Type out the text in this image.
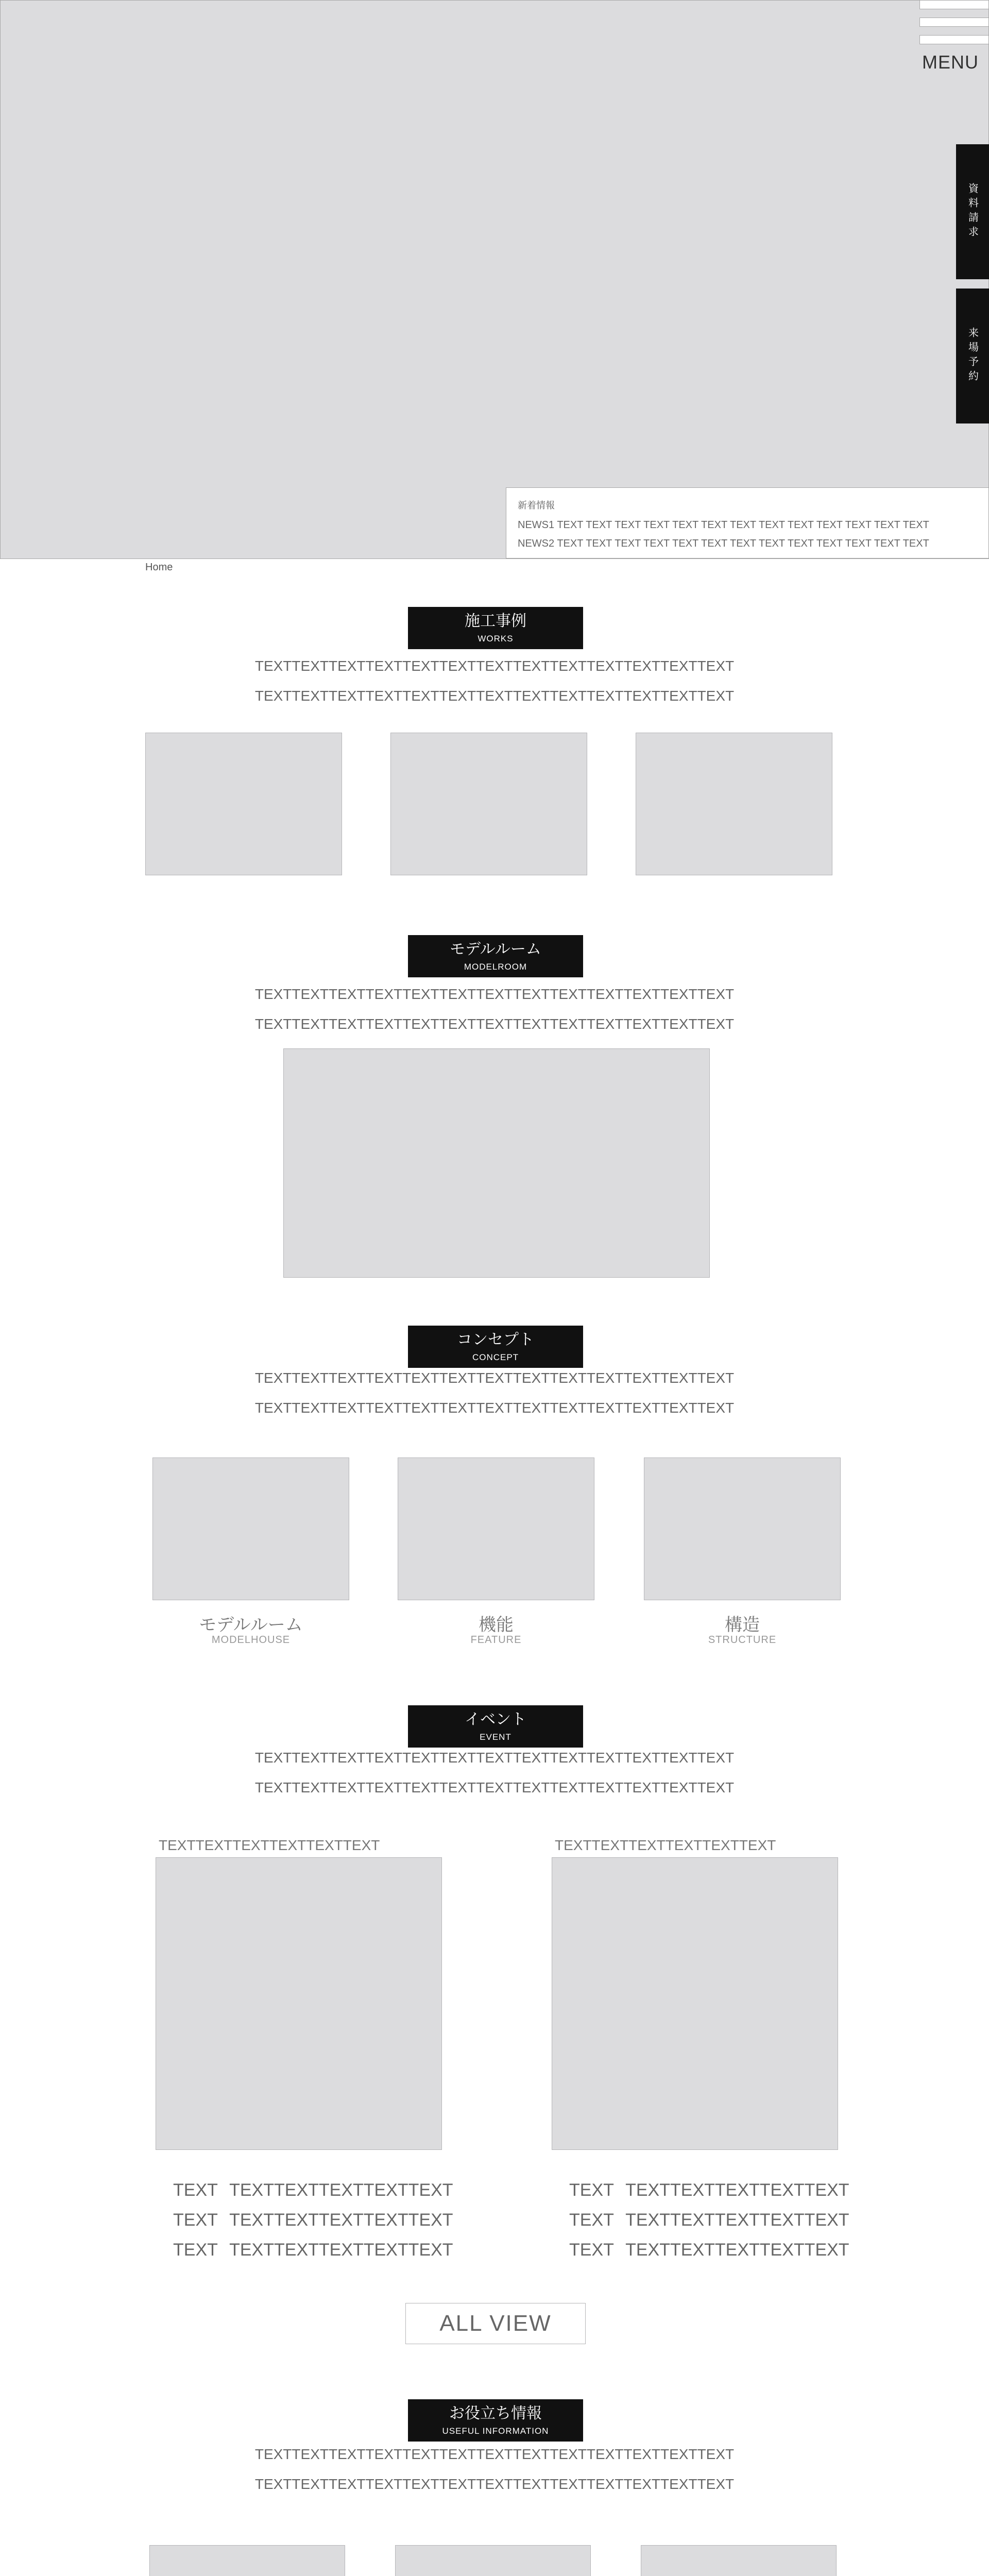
MENU
資料請求
来場予約
新着情報
NEWS1 TEXT TEXT TEXT TEXT TEXT TEXT TEXT TEXT TEXT TEXT TEXT TEXT TEXT
NEWS2 TEXT TEXT TEXT TEXT TEXT TEXT TEXT TEXT TEXT TEXT TEXT TEXT TEXT
Home
施工事例
WORKS
TEXTTEXTTEXTTEXTTEXTTEXTTEXTTEXTTEXTTEXTTEXTTEXTTEXT
TEXTTEXTTEXTTEXTTEXTTEXTTEXTTEXTTEXTTEXTTEXTTEXTTEXT
モデルルーム
MODELROOM
TEXTTEXTTEXTTEXTTEXTTEXTTEXTTEXTTEXTTEXTTEXTTEXTTEXT
TEXTTEXTTEXTTEXTTEXTTEXTTEXTTEXTTEXTTEXTTEXTTEXTTEXT
コンセプト
CONCEPT
TEXTTEXTTEXTTEXTTEXTTEXTTEXTTEXTTEXTTEXTTEXTTEXTTEXT
TEXTTEXTTEXTTEXTTEXTTEXTTEXTTEXTTEXTTEXTTEXTTEXTTEXT
モデルルーム
MODELHOUSE
機能
FEATURE
構造
STRUCTURE
イベント
EVENT
TEXTTEXTTEXTTEXTTEXTTEXTTEXTTEXTTEXTTEXTTEXTTEXTTEXT
TEXTTEXTTEXTTEXTTEXTTEXTTEXTTEXTTEXTTEXTTEXTTEXTTEXT
TEXTTEXTTEXTTEXTTEXTTEXT
TEXT TEXTTEXTTEXTTEXTTEXT
TEXT TEXTTEXTTEXTTEXTTEXT
TEXT TEXTTEXTTEXTTEXTTEXT
TEXTTEXTTEXTTEXTTEXTTEXT
TEXT TEXTTEXTTEXTTEXTTEXT
TEXT TEXTTEXTTEXTTEXTTEXT
TEXT TEXTTEXTTEXTTEXTTEXT
ALL VIEW
お役立ち情報
USEFUL INFORMATION
TEXTTEXTTEXTTEXTTEXTTEXTTEXTTEXTTEXTTEXTTEXTTEXTTEXT
TEXTTEXTTEXTTEXTTEXTTEXTTEXTTEXTTEXTTEXTTEXTTEXTTEXT
